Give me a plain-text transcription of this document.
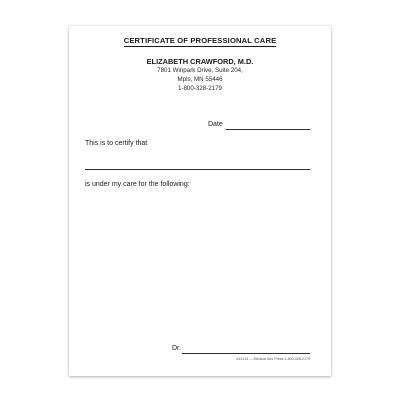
CERTIFICATE OF PROFESSIONAL CARE
ELIZABETH CRAWFORD, M.D.
7801 Winpark Drive, Suite 204,
Mpls, MN 55446
1-800-328-2179
Date
This is to certify that
is under my care for the following:
Dr.
#13113 — Medical Arts Press 1-800-328-2179
